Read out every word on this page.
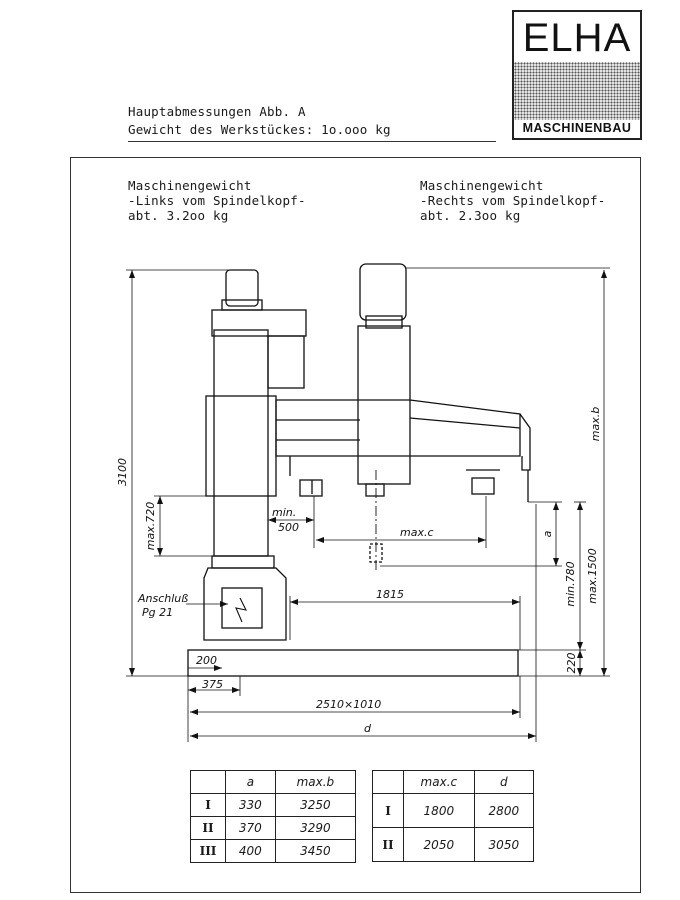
ELHA
MASCHINENBAU
Hauptabmessungen Abb. A
Gewicht des Werkstückes: 1o.ooo kg
Maschinengewicht
-Links vom Spindelkopf-
abt. 3.2oo kg
Maschinengewicht
-Rechts vom Spindelkopf-
abt. 2.3oo kg
3100
max.720
max.b
a
min.780 max.1500
220
min.
500	max.c
1815
200
375
2510×1010
d
Anschluß
Pg 21
	a	max.b
I	330	3250
II	370	3290
III	400	3450
	max.c	d
I	1800	2800
II	2050	3050
